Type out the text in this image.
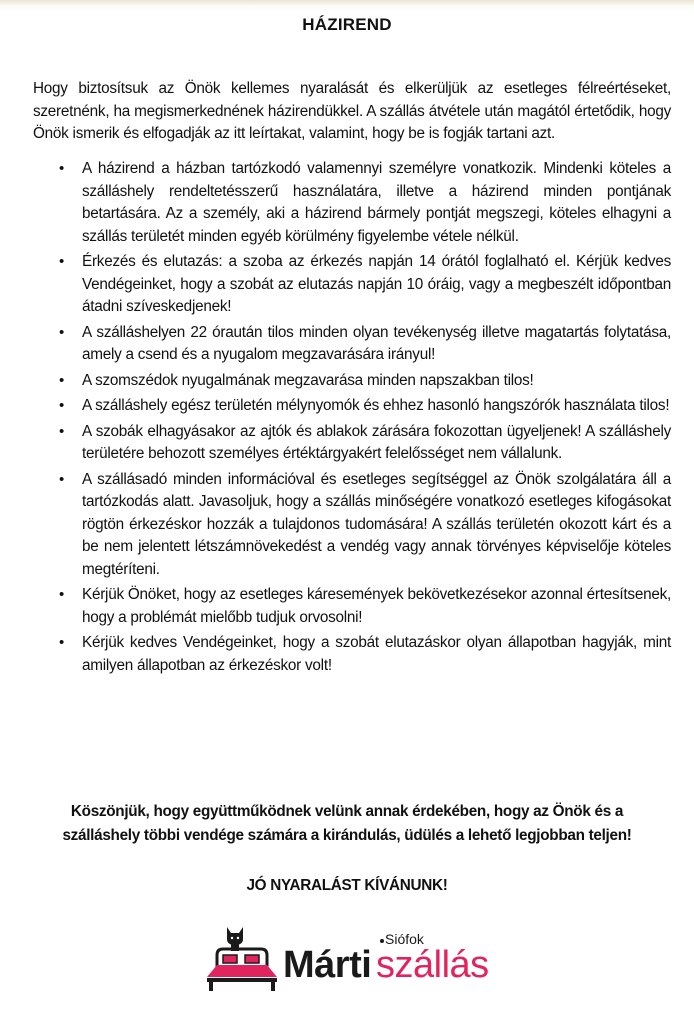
HÁZIREND

Hogy biztosítsuk az Önök kellemes nyaralását és elkerüljük az esetleges félreértéseket, szeretnénk, ha megismerkednének házirendükkel. A szállás átvétele után magától értetődik, hogy Önök ismerik és elfogadják az itt leírtakat, valamint, hogy be is fogják tartani azt.

• A házirend a házban tartózkodó valamennyi személyre vonatkozik. Mindenki köteles a szálláshely rendeltetésszerű használatára, illetve a házirend minden pontjának betartására. Az a személy, aki a házirend bármely pontját megszegi, köteles elhagyni a szállás területét minden egyéb körülmény figyelembe vétele nélkül.
• Érkezés és elutazás: a szoba az érkezés napján 14 órától foglalható el. Kérjük kedves Vendégeinket, hogy a szobát az elutazás napján 10 óráig, vagy a megbeszélt időpontban átadni szíveskedjenek!
• A szálláshelyen 22 óraután tilos minden olyan tevékenység illetve magatartás folytatása, amely a csend és a nyugalom megzavarására irányul!
• A szomszédok nyugalmának megzavarása minden napszakban tilos!
• A szálláshely egész területén mélynyomók és ehhez hasonló hangszórók használata tilos!
• A szobák elhagyásakor az ajtók és ablakok zárására fokozottan ügyeljenek! A szálláshely területére behozott személyes értéktárgyakért felelősséget nem vállalunk.
• A szállásadó minden információval és esetleges segítséggel az Önök szolgálatára áll a tartózkodás alatt. Javasoljuk, hogy a szállás minőségére vonatkozó esetleges kifogásokat rögtön érkezéskor hozzák a tulajdonos tudomására! A szállás területén okozott kárt és a be nem jelentett létszámnövekedést a vendég vagy annak törvényes képviselője köteles megtéríteni.
• Kérjük Önöket, hogy az esetleges káresemények bekövetkezésekor azonnal értesítsenek, hogy a problémát mielőbb tudjuk orvosolni!
• Kérjük kedves Vendégeinket, hogy a szobát elutazáskor olyan állapotban hagyják, mint amilyen állapotban az érkezéskor volt!
Köszönjük, hogy együttműködnek velünk annak érdekében, hogy az Önök és a
szálláshely többi vendége számára a kirándulás, üdülés a lehető legjobban teljen!
JÓ NYARALÁST KÍVÁNUNK!
Márti
Siófok
szállás
